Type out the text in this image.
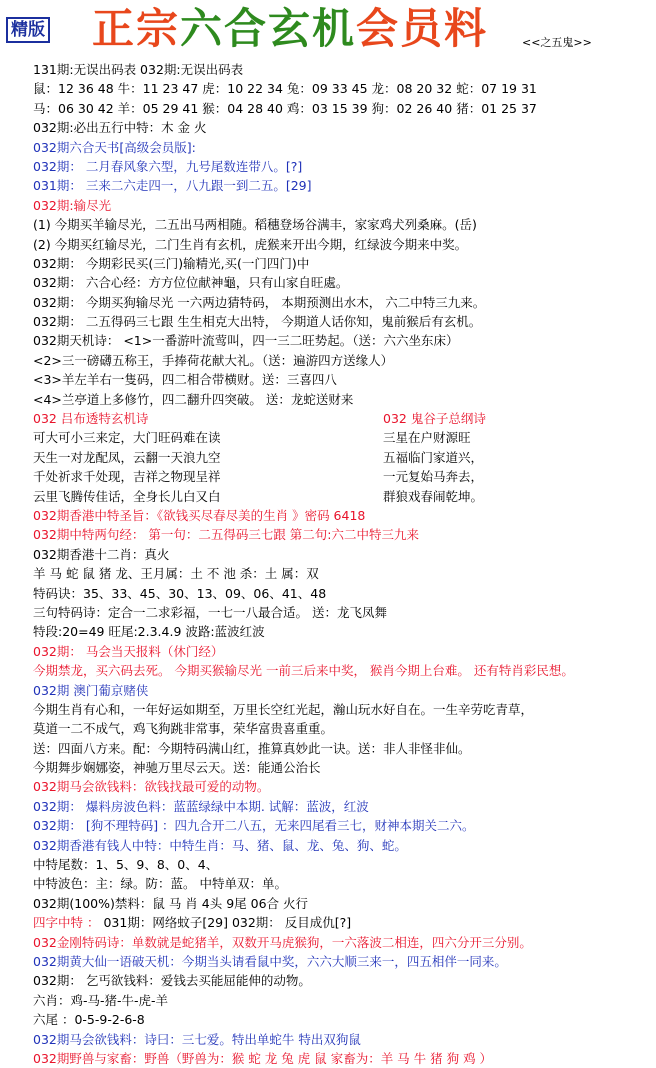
精版 正宗六合玄机会员料	<<之五鬼>>
131期:无误出码表 032期:无误出码表
鼠：12 36 48 牛：11 23 47 虎：10 22 34 兔：09 33 45 龙：08 20 32 蛇：07 19 31
马：06 30 42 羊：05 29 41 猴：04 28 40 鸡：03 15 39 狗：02 26 40 猪：01 25 37
032期:必出五行中特：木 金 火
032期六合天书[高级会员版]:
032期： 二月春风象六型，九号尾数连带八。[?]
031期： 三来二六走四一，八九跟一到二五。[29]
032期:输尽光
(1) 今期买羊输尽光，二五出马两相随。稻穗登场谷满丰，家家鸡犬列桑麻。(岳)
(2) 今期买红输尽光，二门生肖有玄机，虎猴来开出今期，红绿波今期来中奖。
032期： 今期彩民买(三门)输精光,买(一门四门)中
032期： 六合心经：方方位位献神龜，只有山家自旺處。
032期： 今期买狗输尽光 一六两边猜特码， 本期预测出水木， 六二中特三九来。
032期： 二五得码三七跟 生生相克大出特， 今期道人话你知，鬼前猴后有玄机。
032期天机诗： <1>一番游叶流莺叫，四一三二旺势起。（送：六六坐东床）
<2>三一磅礴五称王，手捧荷花献大礼。（送：遍游四方送缘人）
<3>羊左羊右一隻码，四二相合带横财。送：三喜四八
<4>兰亭道上多修竹，四二翻升四突破。 送：龙蛇送财来
032 吕布透特玄机诗	032 鬼谷子总纲诗
可大可小三来定，大门旺码难在读	三星在户财源旺
天生一对龙配凤，云翻一天浪九空	五福临门家道兴，
千处祈求千处现，吉祥之物现呈祥	一元复始马奔去，
云里飞腾传佳话，全身长儿白又白	群狼戏春闹乾坤。
032期香港中特圣旨：《欲钱买尽春尽美的生肖 》密码 6418
032期中特两句经： 第一句：二五得码三七跟 第二句:六二中特三九来
032期香港十二肖：真火
羊 马 蛇 鼠 猪 龙、王月属：土 不 池 杀：土 属：双
特码诀：35、33、45、30、13、09、06、41、48
三句特码诗：定合一二求彩福，一七一八最合适。 送：龙飞凤舞
特段:20=49 旺尾:2.3.4.9 波路:蓝波红波
032期： 马会当天报料（休门经）
今期禁龙，买六码去死。 今期买猴输尽光 一前三后来中奖， 猴肖今期上台难。 还有特肖彩民想。
032期 澳门葡京赌侠
今期生肖有心和，一年好运如期至，万里长空红光起，瀚山玩水好自在。一生辛劳吃青草，
莫道一二不成气，鸡飞狗跳非常事，荣华富贵喜重重。
送：四面八方来。配：今期特码满山红，推算真妙此一诀。送：非人非怪非仙。
今期舞步娴娜姿，神驰万里尽云天。送：能通公治长
032期马会欲钱料：欲钱找最可爱的动物。
032期： 爆料房波色料：蓝蓝绿绿中本期. 试解：蓝波，红波
032期： [狗不理特码] ：四九合开二八五，无来四尾看三七，财神本期关二六。
032期香港有钱人中特：中特生肖：马、猪、鼠、龙、兔、狗、蛇。
中特尾数：1、5、9、8、0、4、
中特波色：主：绿。防：蓝。 中特单双：单。
032期(100%)禁料：鼠 马 肖 4头 9尾 06合 火行
四字中特 ： 031期：网络蚊子[29] 032期： 反目成仇[?]
032金刚特码诗：单数就是蛇猪羊，双数开马虎猴狗，一六落波二相连，四六分开三分别。
032期黄大仙一语破天机：今期当头请看鼠中奖，六六大顺三来一，四五相伴一同来。
032期： 乞丐欲钱料：爱钱去买能屈能伸的动物。
六肖：鸡-马-猪-牛-虎-羊
六尾 ：0-5-9-2-6-8
032期马会欲钱料：诗曰：三七爱。特出单蛇牛 特出双狗鼠
032期野兽与家畜：野兽（野兽为：猴 蛇 龙 兔 虎 鼠 家畜为：羊 马 牛 猪 狗 鸡 ）
